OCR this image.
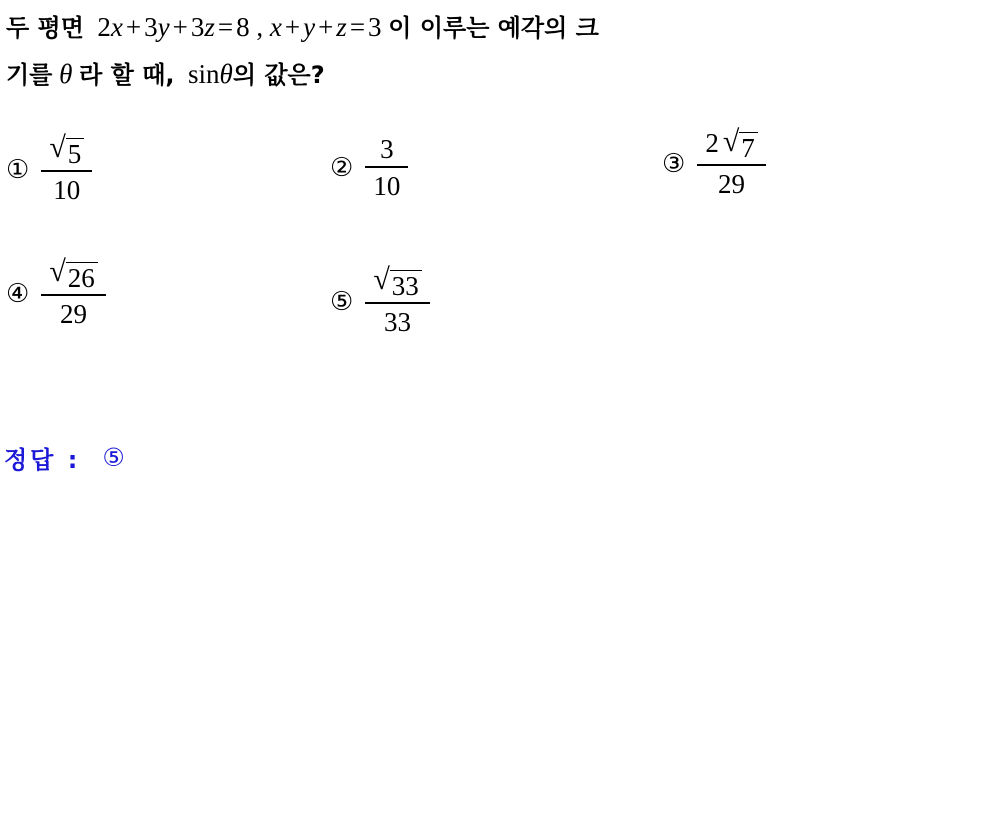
두 평면  2x + 3y + 3z = 8 , x + y + z = 3 이 이루는 예각의 크
기를 θ 라 할 때,  sinθ의 값은?
① $\frac{√ 5}{10}$	② $\frac{3}{10}$	③ $\frac{2 √ 7}{29}$
④ $\frac{√ 26}{29}$	⑤ $\frac{√ 33}{33}$
정답 : ⑤
